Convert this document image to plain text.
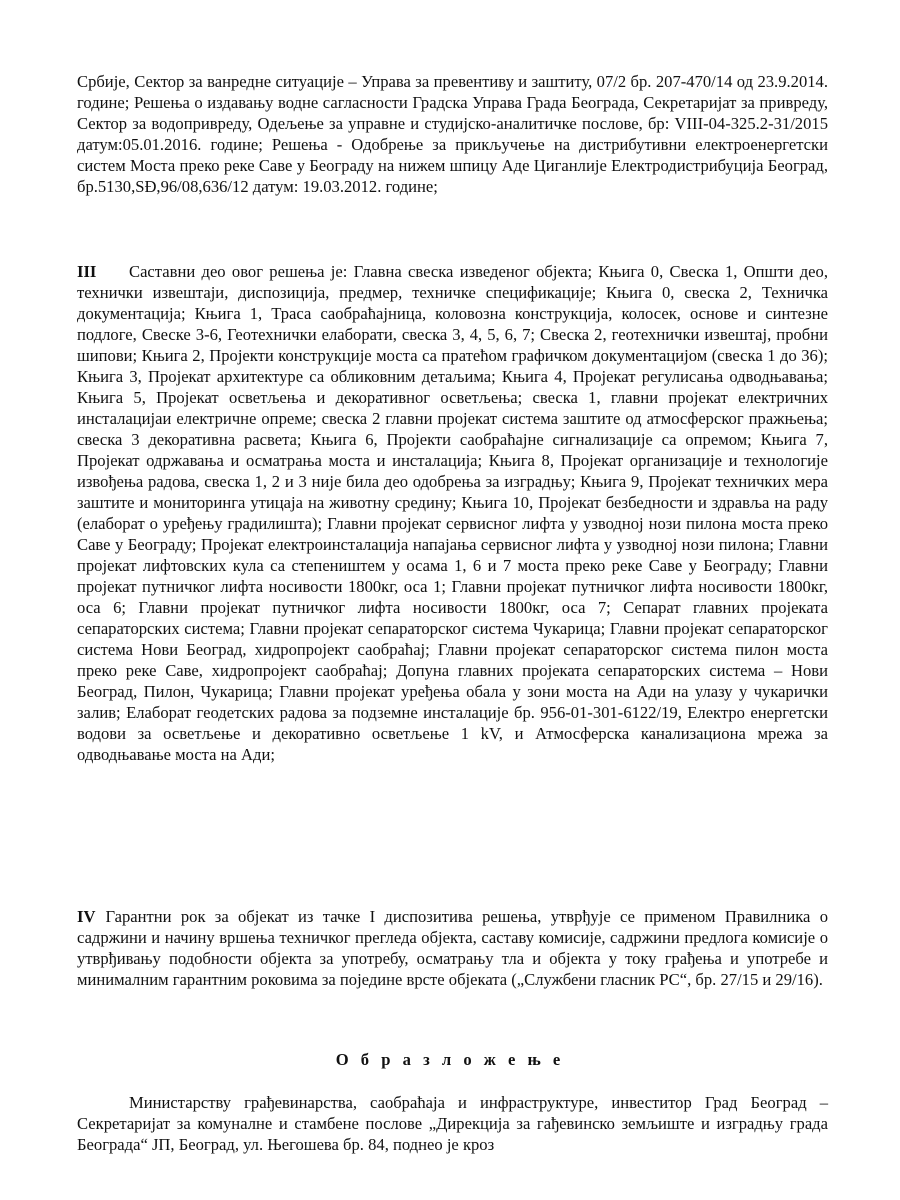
Србије, Сектор за ванредне ситуације – Управа за превентиву и заштиту, 07/2 бр. 207-470/14 од 23.9.2014. године; Решења о издавању водне сагласности Градска Управа Града Београда, Секретаријат за привреду, Сектор за водопривреду, Одељење за управне и студијско-аналитичке послове, бр: VIII-04-325.2-31/2015 датум:05.01.2016. године; Решења - Одобрење за прикључење на дистрибутивни електроенергетски систем Моста преко реке Саве у Београду на нижем шпицу Аде Циганлије Електродистрибуција Београд, бр.5130,SĐ,96/08,636/12 датум: 19.03.2012. године;

III Саставни део овог решења је: Главна свеска изведеног објекта; Књига 0, Свеска 1, Општи део, технички извештаји, диспозиција, предмер, техничке спецификације; Књига 0, свеска 2, Техничка документација; Књига 1, Траса саобраћајница, коловозна конструкција, колосек, основе и синтезне подлоге, Свеске 3-6, Геотехнички елаборати, свеска 3, 4, 5, 6, 7; Свеска 2, геотехнички извештај, пробни шипови; Књига 2, Пројекти конструкције моста са пратећом графичком документацијом (свеска 1 до 36); Књига 3, Пројекат архитектуре са обликовним детаљима; Књига 4, Пројекат регулисања одводњавања; Књига 5, Пројекат осветљења и декоративног осветљења; свеска 1, главни пројекат електричних инсталацијаи електричне опреме; свеска 2 главни пројекат система заштите од атмосферског пражњења; свеска 3 декоративна расвета; Књига 6, Пројекти саобраћајне сигнализације са опремом; Књига 7, Пројекат одржавања и осматрања моста и инсталација; Књига 8, Пројекат организације и технологије извођења радова, свеска 1, 2 и 3 није била део одобрења за изградњу; Књига 9, Пројекат техничких мера заштите и мониторинга утицаја на животну средину; Књига 10, Пројекат безбедности и здравља на раду (елаборат о уређењу градилишта); Главни пројекат сервисног лифта у узводној нози пилона моста преко Саве у Београду; Пројекат електроинсталација напајања сервисног лифта у узводној нози пилона; Главни пројекат лифтовских кула са степеништем у осама 1, 6 и 7 моста преко реке Саве у Београду; Главни пројекат путничког лифта носивости 1800кг, оса 1; Главни пројекат путничког лифта носивости 1800кг, оса 6; Главни пројекат путничког лифта носивости 1800кг, оса 7; Сепарат главних пројеката сепараторских система; Главни пројекат сепараторског система Чукарица; Главни пројекат сепараторског система Нови Београд, хидропројект саобраћај; Главни пројекат сепараторског система пилон моста преко реке Саве, хидропројект саобраћај; Допуна главних пројеката сепараторских система – Нови Београд, Пилон, Чукарица; Главни пројекат уређења обала у зони моста на Ади на улазу у чукарички залив; Елаборат геодетских радова за подземне инсталације бр. 956-01-301-6122/19, Електро енергетски водови за осветљење и декоративно осветљење 1 kV, и Атмосферска канализациона мрежа за одводњавање моста на Ади;

IV Гарантни рок за објекат из тачке I диспозитива решења, утврђује се применом Правилника о садржини и начину вршења техничког прегледа објекта, саставу комисије, садржини предлога комисије о утврђивању подобности објекта за употребу, осматрању тла и објекта у току грађења и употребе и минималним гарантним роковима за поједине врсте објеката („Службени гласник РС“, бр. 27/15 и 29/16).

О б р а з л о ж е њ е

Министарству грађевинарства, саобраћаја и инфраструктуре, инвеститор Град Београд – Секретаријат за комуналне и стамбене послове „Дирекција за гађевинско земљиште и изградњу града Београда“ ЈП, Београд, ул. Његошева бр. 84, поднео је кроз
